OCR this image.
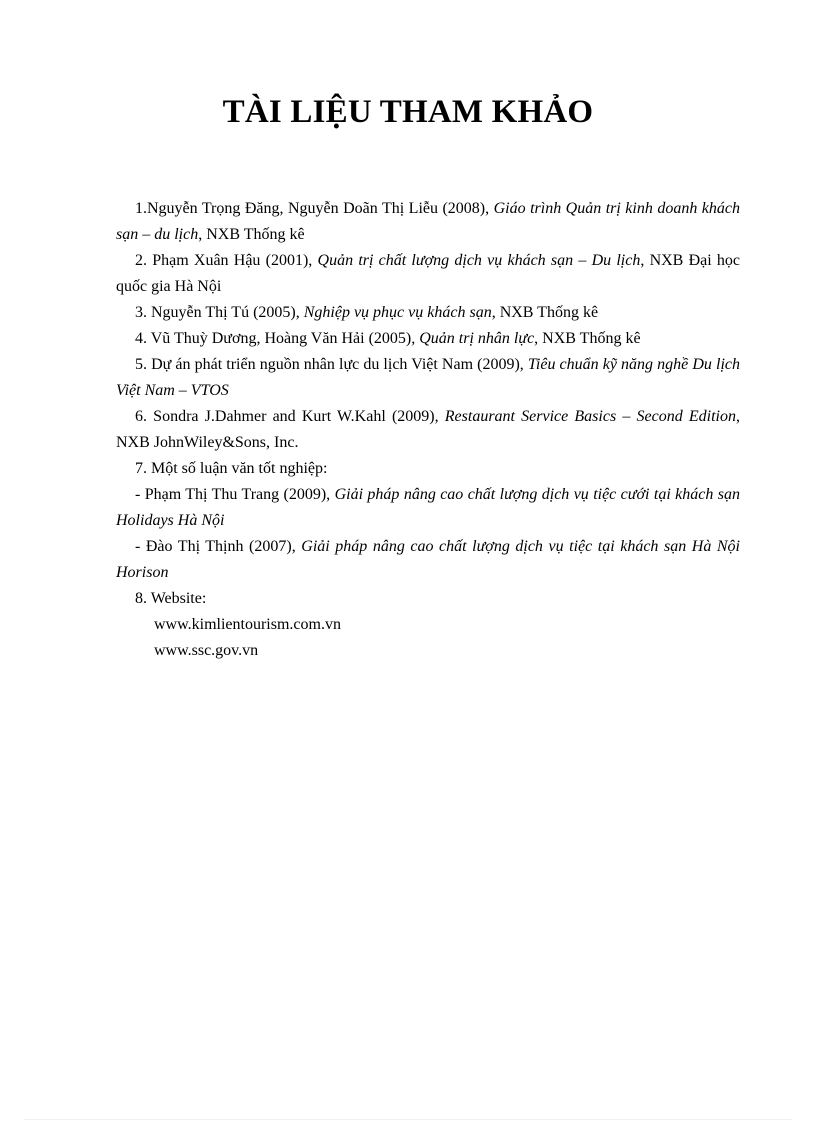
TÀI LIỆU THAM KHẢO

1.Nguyễn Trọng Đăng, Nguyễn Doãn Thị Liễu (2008), Giáo trình Quản trị kinh doanh khách sạn – du lịch, NXB Thống kê

2. Phạm Xuân Hậu (2001), Quản trị chất lượng dịch vụ khách sạn – Du lịch, NXB Đại học quốc gia Hà Nội

3. Nguyễn Thị Tú (2005), Nghiệp vụ phục vụ khách sạn, NXB Thống kê

4. Vũ Thuỳ Dương, Hoàng Văn Hải (2005), Quản trị nhân lực, NXB Thống kê

5. Dự án phát triển nguồn nhân lực du lịch Việt Nam (2009), Tiêu chuẩn kỹ năng nghề Du lịch Việt Nam – VTOS

6. Sondra J.Dahmer and Kurt W.Kahl (2009), Restaurant Service Basics – Second Edition, NXB JohnWiley&Sons, Inc.

7. Một số luận văn tốt nghiệp:

- Phạm Thị Thu Trang (2009), Giải pháp nâng cao chất lượng dịch vụ tiệc cưới tại khách sạn Holidays Hà Nội

- Đào Thị Thịnh (2007), Giải pháp nâng cao chất lượng dịch vụ tiệc tại khách sạn Hà Nội Horison

8. Website:

www.kimlientourism.com.vn

www.ssc.gov.vn
